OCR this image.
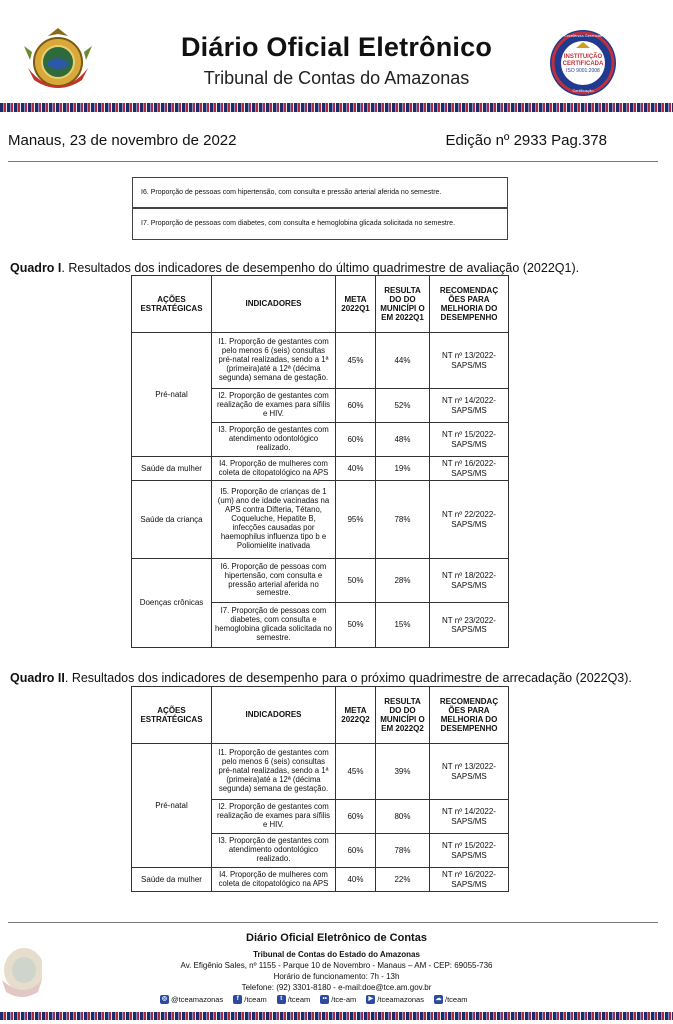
Diário Oficial Eletrônico
Tribunal de Contas do Amazonas
Excelência Gerencial
INSTITUIÇÃO
CERTIFICADA
ISO 9001:2008
Certificação
Manaus, 23 de novembro de 2022	Edição nº 2933 Pag.378
I6. Proporção de pessoas com hipertensão, com consulta e pressão arterial aferida no semestre.
I7. Proporção de pessoas com diabetes, com consulta e hemoglobina glicada solicitada no semestre.
Quadro I. Resultados dos indicadores de desempenho do último quadrimestre de avaliação (2022Q1).
AÇÕES ESTRATÉGICAS	INDICADORES	META 2022Q1	RESULTA DO DO MUNICÍPI O EM 2022Q1	RECOMENDAÇ ÕES PARA MELHORIA DO DESEMPENHO
Pré-natal	I1. Proporção de gestantes com pelo menos 6 (seis) consultas pré-natal realizadas, sendo a 1ª (primeira)até a 12ª (décima segunda) semana de gestação.	45%	44%	NT nº 13/2022-SAPS/MS
	I2. Proporção de gestantes com realização de exames para sífilis e HIV.	60%	52%	NT nº 14/2022-SAPS/MS
	I3. Proporção de gestantes com atendimento odontológico realizado.	60%	48%	NT nº 15/2022-SAPS/MS
Saúde da mulher	I4. Proporção de mulheres com coleta de citopatológico na APS	40%	19%	NT nº 16/2022-SAPS/MS
Saúde da criança	I5. Proporção de crianças de 1 (um) ano de idade vacinadas na APS contra Difteria, Tétano, Coqueluche, Hepatite B, infecções causadas por haemophilus influenza tipo b e Poliomielite inativada	95%	78%	NT nº 22/2022-SAPS/MS
Doenças crônicas	I6. Proporção de pessoas com hipertensão, com consulta e pressão arterial aferida no semestre.	50%	28%	NT nº 18/2022-SAPS/MS
	I7. Proporção de pessoas com diabetes, com consulta e hemoglobina glicada solicitada no semestre.	50%	15%	NT nº 23/2022-SAPS/MS
Quadro II. Resultados dos indicadores de desempenho para o próximo quadrimestre de arrecadação (2022Q3).
AÇÕES ESTRATÉGICAS	INDICADORES	META 2022Q2	RESULTA DO DO MUNICÍPI O EM 2022Q2	RECOMENDAÇ ÕES PARA MELHORIA DO DESEMPENHO
Pré-natal	I1. Proporção de gestantes com pelo menos 6 (seis) consultas pré-natal realizadas, sendo a 1ª (primeira)até a 12ª (décima segunda) semana de gestação.	45%	39%	NT nº 13/2022-SAPS/MS
	I2. Proporção de gestantes com realização de exames para sífilis e HIV.	60%	80%	NT nº 14/2022-SAPS/MS
	I3. Proporção de gestantes com atendimento odontológico realizado.	60%	78%	NT nº 15/2022-SAPS/MS
Saúde da mulher	I4. Proporção de mulheres com coleta de citopatológico na APS	40%	22%	NT nº 16/2022-SAPS/MS
Diário Oficial Eletrônico de Contas
Tribunal de Contas do Estado do Amazonas
Av. Efigênio Sales, nº 1155 - Parque 10 de Novembro - Manaus – AM - CEP: 69055-736
Horário de funcionamento: 7h - 13h
Telefone: (92) 3301-8180 - e-mail:doe@tce.am.gov.br
◎ @tceamazonas	f /tceam	t /tceam	•• /tce-am	▶ /tceamazonas ☁ /tceam
